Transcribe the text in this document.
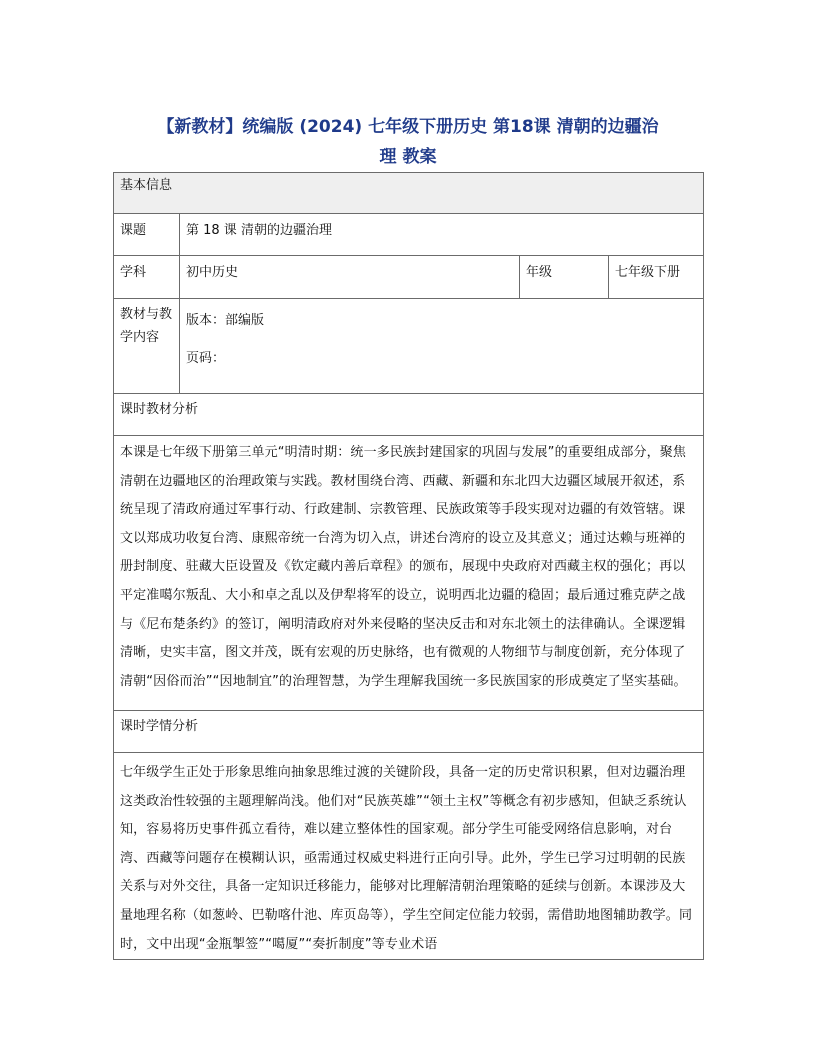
【新教材】统编版 (2024) 七年级下册历史 第18课 清朝的边疆治
理 教案
基本信息			
课题	第 18 课 清朝的边疆治理		
学科	初中历史	年级	七年级下册
教材与教学内容	版本：部编版

页码：		

课时教材分析			
本课是七年级下册第三单元“明清时期：统一多民族封建国家的巩固与发展”的重要组成部分，聚焦清朝在边疆地区的治理政策与实践。教材围绕台湾、西藏、新疆和东北四大边疆区域展开叙述，系统呈现了清政府通过军事行动、行政建制、宗教管理、民族政策等手段实现对边疆的有效管辖。课文以郑成功收复台湾、康熙帝统一台湾为切入点，讲述台湾府的设立及其意义；通过达赖与班禅的册封制度、驻藏大臣设置及《钦定藏内善后章程》的颁布，展现中央政府对西藏主权的强化；再以平定准噶尔叛乱、大小和卓之乱以及伊犁将军的设立，说明西北边疆的稳固；最后通过雅克萨之战与《尼布楚条约》的签订，阐明清政府对外来侵略的坚决反击和对东北领土的法律确认。全课逻辑清晰，史实丰富，图文并茂，既有宏观的历史脉络，也有微观的人物细节与制度创新，充分体现了清朝“因俗而治”“因地制宜”的治理智慧，为学生理解我国统一多民族国家的形成奠定了坚实基础。			
课时学情分析			
七年级学生正处于形象思维向抽象思维过渡的关键阶段，具备一定的历史常识积累，但对边疆治理这类政治性较强的主题理解尚浅。他们对“民族英雄”“领土主权”等概念有初步感知，但缺乏系统认知，容易将历史事件孤立看待，难以建立整体性的国家观。部分学生可能受网络信息影响，对台湾、西藏等问题存在模糊认识，亟需通过权威史料进行正向引导。此外，学生已学习过明朝的民族关系与对外交往，具备一定知识迁移能力，能够对比理解清朝治理策略的延续与创新。本课涉及大量地理名称（如葱岭、巴勒喀什池、库页岛等），学生空间定位能力较弱，需借助地图辅助教学。同时，文中出现“金瓶掣签”“噶厦”“奏折制度”等专业术语			
